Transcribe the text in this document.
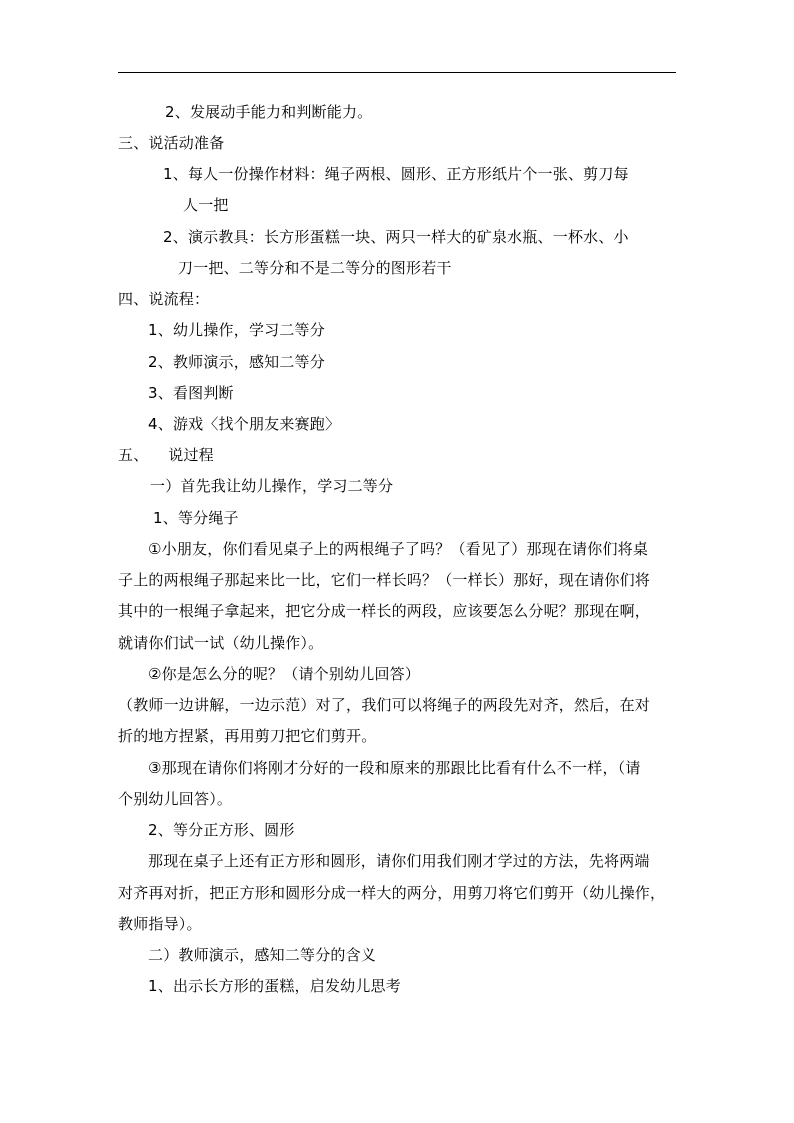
2、发展动手能力和判断能力。
三、说活动准备
1、每人一份操作材料：绳子两根、圆形、正方形纸片个一张、剪刀每
人一把
2、演示教具：长方形蛋糕一块、两只一样大的矿泉水瓶、一杯水、小
刀一把、二等分和不是二等分的图形若干
四、说流程：
1、幼儿操作，学习二等分
2、教师演示，感知二等分
3、看图判断
4、游戏〈找个朋友来赛跑〉
五、    说过程
一）首先我让幼儿操作，学习二等分
1、等分绳子
①小朋友，你们看见桌子上的两根绳子了吗？（看见了）那现在请你们将桌
子上的两根绳子那起来比一比，它们一样长吗？（一样长）那好，现在请你们将
其中的一根绳子拿起来，把它分成一样长的两段，应该要怎么分呢？那现在啊，
就请你们试一试（幼儿操作）。
②你是怎么分的呢？（请个别幼儿回答）
（教师一边讲解，一边示范）对了，我们可以将绳子的两段先对齐，然后，在对
折的地方捏紧，再用剪刀把它们剪开。
③那现在请你们将刚才分好的一段和原来的那跟比比看有什么不一样，（请
个别幼儿回答）。
2、等分正方形、圆形
那现在桌子上还有正方形和圆形，请你们用我们刚才学过的方法，先将两端
对齐再对折，把正方形和圆形分成一样大的两分，用剪刀将它们剪开（幼儿操作，
教师指导）。
二）教师演示，感知二等分的含义
1、出示长方形的蛋糕，启发幼儿思考
